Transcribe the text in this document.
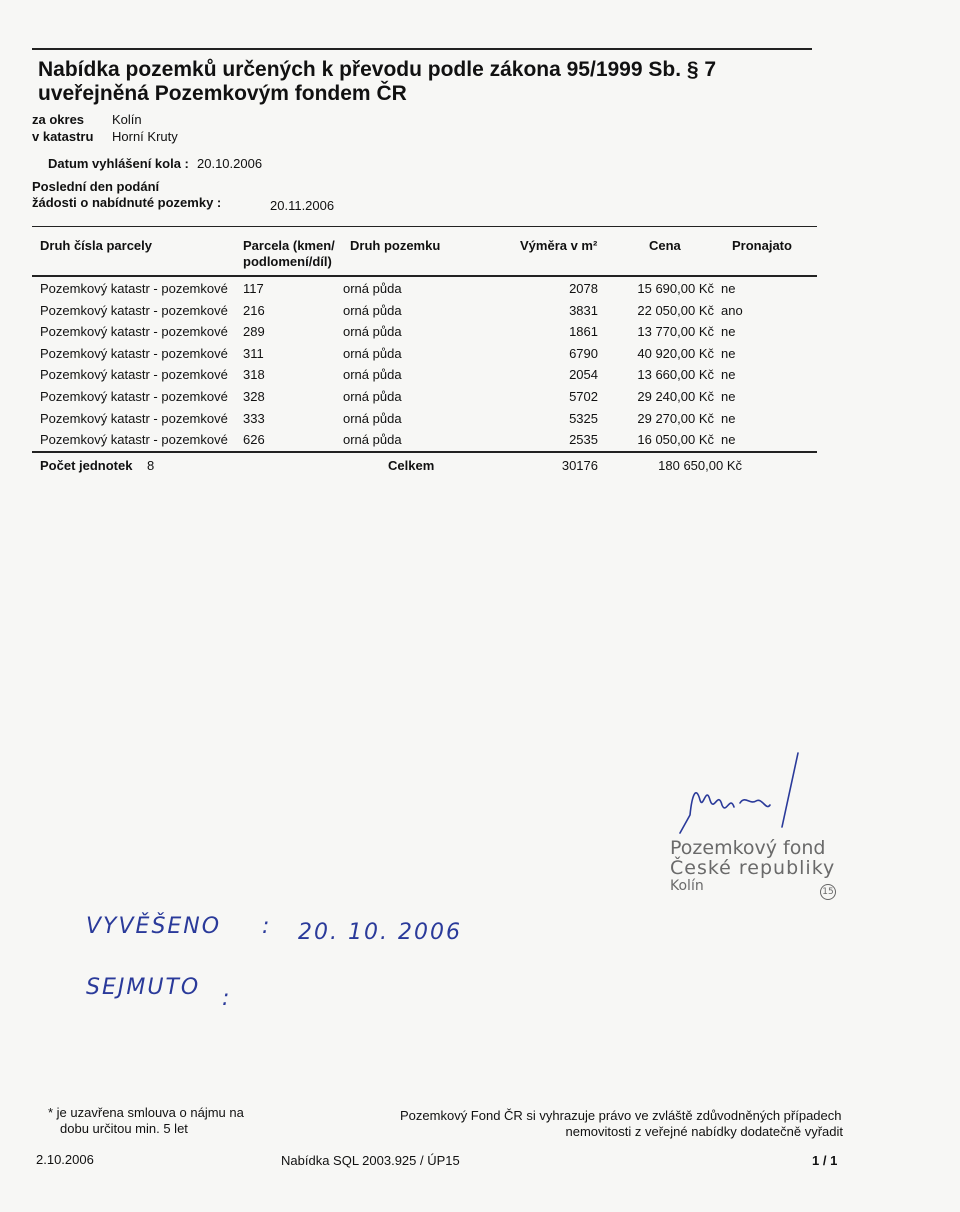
Nabídka pozemků určených k převodu podle zákona 95/1999 Sb. § 7
uveřejněná Pozemkovým fondem ČR
za okres Kolín
v katastru Horní Kruty
Datum vyhlášení kola : 20.10.2006
Poslední den podání
žádosti o nabídnuté pozemky :	20.11.2006
Druh čísla parcely	Parcela (kmen/
podlomení/díl)
Druh pozemku	Výměra v m²	Cena	Pronajato
Pozemkový katastr - pozemkové	117	orná půda	2078	15 690,00 Kč ne
Pozemkový katastr - pozemkové	216	orná půda	3831	22 050,00 Kč ano
Pozemkový katastr - pozemkové	289	orná půda	1861	13 770,00 Kč ne
Pozemkový katastr - pozemkové	311	orná půda	6790	40 920,00 Kč ne
Pozemkový katastr - pozemkové	318	orná půda	2054	13 660,00 Kč ne
Pozemkový katastr - pozemkové	328	orná půda	5702	29 240,00 Kč ne
Pozemkový katastr - pozemkové	333	orná půda	5325	29 270,00 Kč ne
Pozemkový katastr - pozemkové	626	orná půda	2535	16 050,00 Kč ne
Počet jednotek 8	Celkem	30176	180 650,00 Kč
Pozemkový fond
České republiky
Kolín	15
VYVĚŠENO : 20. 10. 2006
SEJMUTO :
* je uzavřena smlouva o nájmu na
dobu určitou min. 5 let
Pozemkový Fond ČR si vyhrazuje právo ve zvláště zdůvodněných případech
nemovitosti z veřejné nabídky dodatečně vyřadit
2.10.2006	Nabídka SQL 2003.925 / ÚP15	1 / 1
